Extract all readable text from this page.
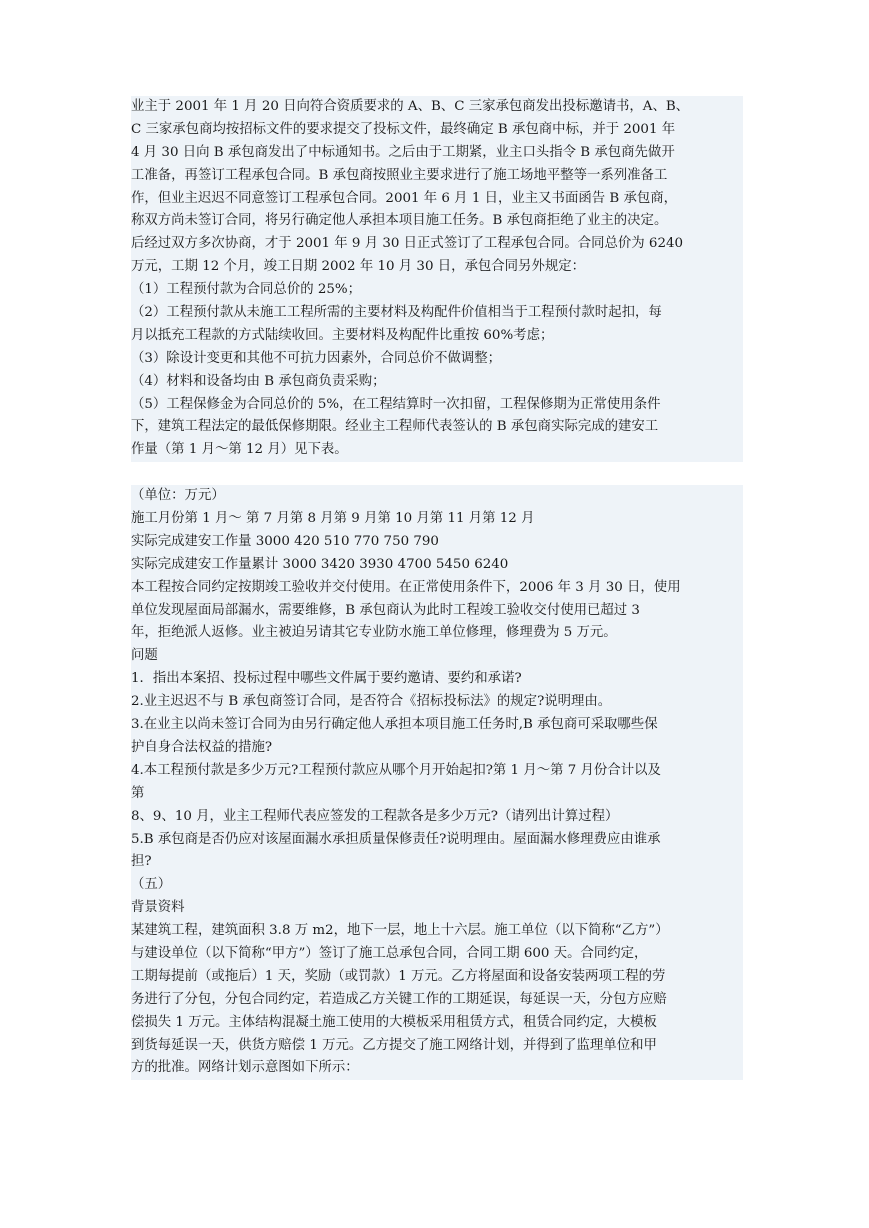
业主于 2001 年 1 月 20 日向符合资质要求的 A、B、C 三家承包商发出投标邀请书，A、B、
C 三家承包商均按招标文件的要求提交了投标文件，最终确定 B 承包商中标，并于 2001 年
4 月 30 日向 B 承包商发出了中标通知书。之后由于工期紧，业主口头指令 B 承包商先做开
工准备，再签订工程承包合同。B 承包商按照业主要求进行了施工场地平整等一系列准备工
作，但业主迟迟不同意签订工程承包合同。2001 年 6 月 1 日，业主又书面函告 B 承包商，
称双方尚未签订合同，将另行确定他人承担本项目施工任务。B 承包商拒绝了业主的决定。
后经过双方多次协商，才于 2001 年 9 月 30 日正式签订了工程承包合同。合同总价为 6240
万元，工期 12 个月，竣工日期 2002 年 10 月 30 日，承包合同另外规定：
（1）工程预付款为合同总价的 25%；
（2）工程预付款从未施工工程所需的主要材料及构配件价值相当于工程预付款时起扣，每
月以抵充工程款的方式陆续收回。主要材料及构配件比重按 60%考虑；
（3）除设计变更和其他不可抗力因素外，合同总价不做调整；
（4）材料和设备均由 B 承包商负责采购；
（5）工程保修金为合同总价的 5%，在工程结算时一次扣留，工程保修期为正常使用条件
下，建筑工程法定的最低保修期限。经业主工程师代表签认的 B 承包商实际完成的建安工
作量（第 1 月～第 12 月）见下表。
（单位：万元）
施工月份第 1 月～ 第 7 月第 8 月第 9 月第 10 月第 11 月第 12 月
实际完成建安工作量 3000 420 510 770 750 790
实际完成建安工作量累计 3000 3420 3930 4700 5450 6240
本工程按合同约定按期竣工验收并交付使用。在正常使用条件下，2006 年 3 月 30 日，使用
单位发现屋面局部漏水，需要维修，B 承包商认为此时工程竣工验收交付使用已超过 3
年，拒绝派人返修。业主被迫另请其它专业防水施工单位修理，修理费为 5 万元。
问题
1．指出本案招、投标过程中哪些文件属于要约邀请、要约和承诺?
2.业主迟迟不与 B 承包商签订合同，是否符合《招标投标法》的规定?说明理由。
3.在业主以尚未签订合同为由另行确定他人承担本项目施工任务时,B 承包商可采取哪些保
护自身合法权益的措施?
4.本工程预付款是多少万元?工程预付款应从哪个月开始起扣?第 1 月～第 7 月份合计以及
第
8、9、10 月，业主工程师代表应签发的工程款各是多少万元?（请列出计算过程）
5.B 承包商是否仍应对该屋面漏水承担质量保修责任?说明理由。屋面漏水修理费应由谁承
担?
（五）
背景资料
某建筑工程，建筑面积 3.8 万 m2，地下一层，地上十六层。施工单位（以下简称“乙方”）
与建设单位（以下简称“甲方”）签订了施工总承包合同，合同工期 600 天。合同约定，
工期每提前（或拖后）1 天，奖励（或罚款）1 万元。乙方将屋面和设备安装两项工程的劳
务进行了分包，分包合同约定，若造成乙方关键工作的工期延误，每延误一天，分包方应赔
偿损失 1 万元。主体结构混凝土施工使用的大模板采用租赁方式，租赁合同约定，大模板
到货每延误一天，供货方赔偿 1 万元。乙方提交了施工网络计划，并得到了监理单位和甲
方的批准。网络计划示意图如下所示：
